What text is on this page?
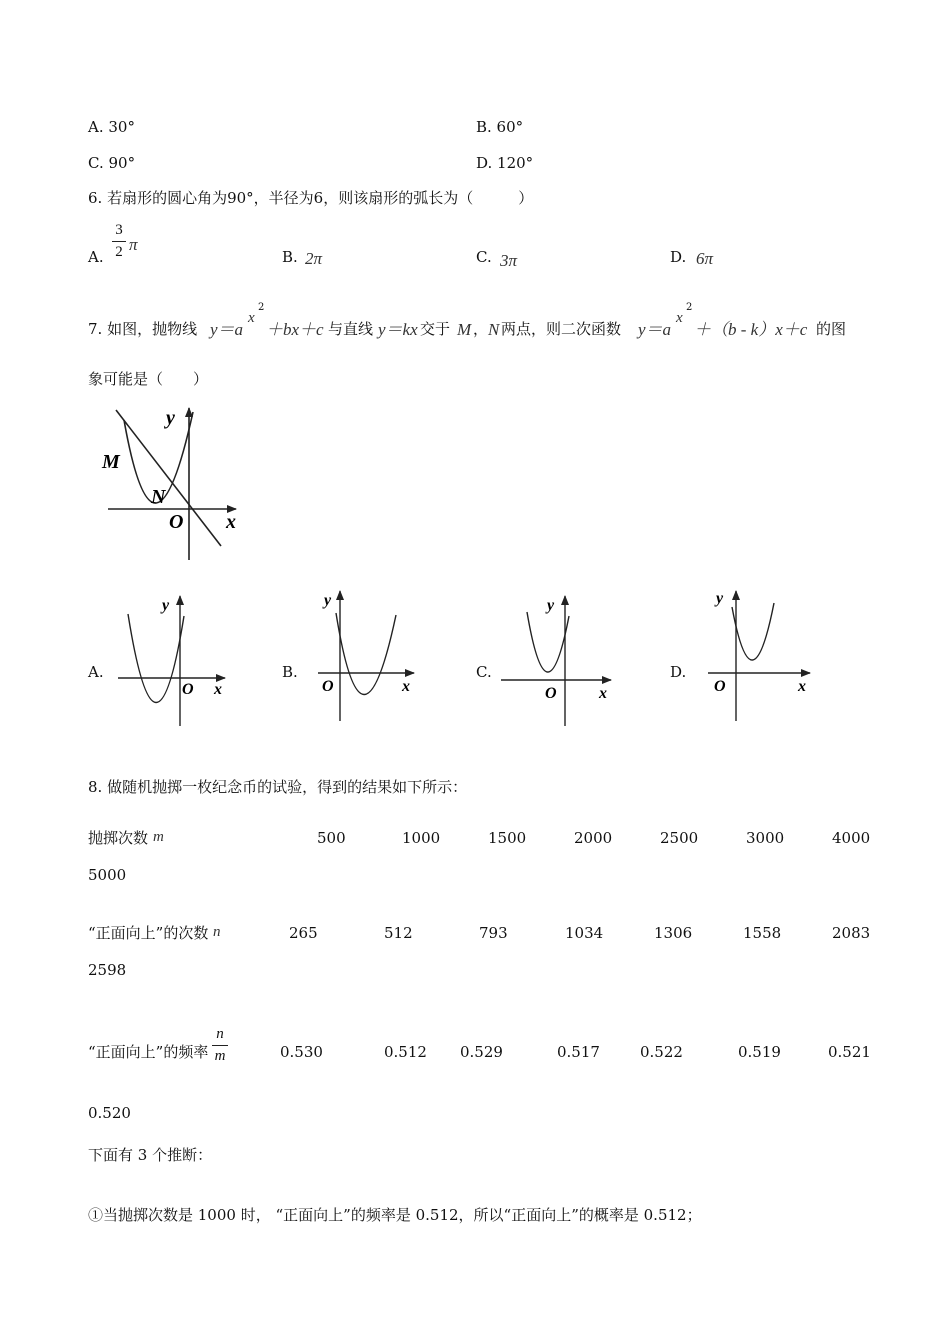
A. 30°	B. 60°
C. 90°	D. 120°
6. 若扇形的圆心角为90°，半径为6，则该扇形的弧长为（　　　）
A.
3
2 π
B. 2π	C. 3π	D. 6π
7. 如图，抛物线 y＝a
x
2
＋bx＋c 与直线 y＝kx 交于 M ， N 两点，则二次函数 y＝a
x
2
＋（b - k）x＋c 的图
象可能是（　　）
y
M
N
O x
A.
y
O x
B.
y
O	x
C.
y
O	x
D.
y
O	x
8. 做随机抛掷一枚纪念币的试验，得到的结果如下所示：
抛掷次数 m	500	1000	1500	2000	2500	3000	4000
5000
“正面向上”的次数 n	265	512	793	1034	1306	1558	2083
2598
“正面向上”的频率
n
m	0.530	0.512 0.529	0.517	0.522	0.519	0.521
0.520
下面有 3 个推断：
①当抛掷次数是 1000 时， “正面向上”的频率是 0.512，所以“正面向上”的概率是 0.512；
